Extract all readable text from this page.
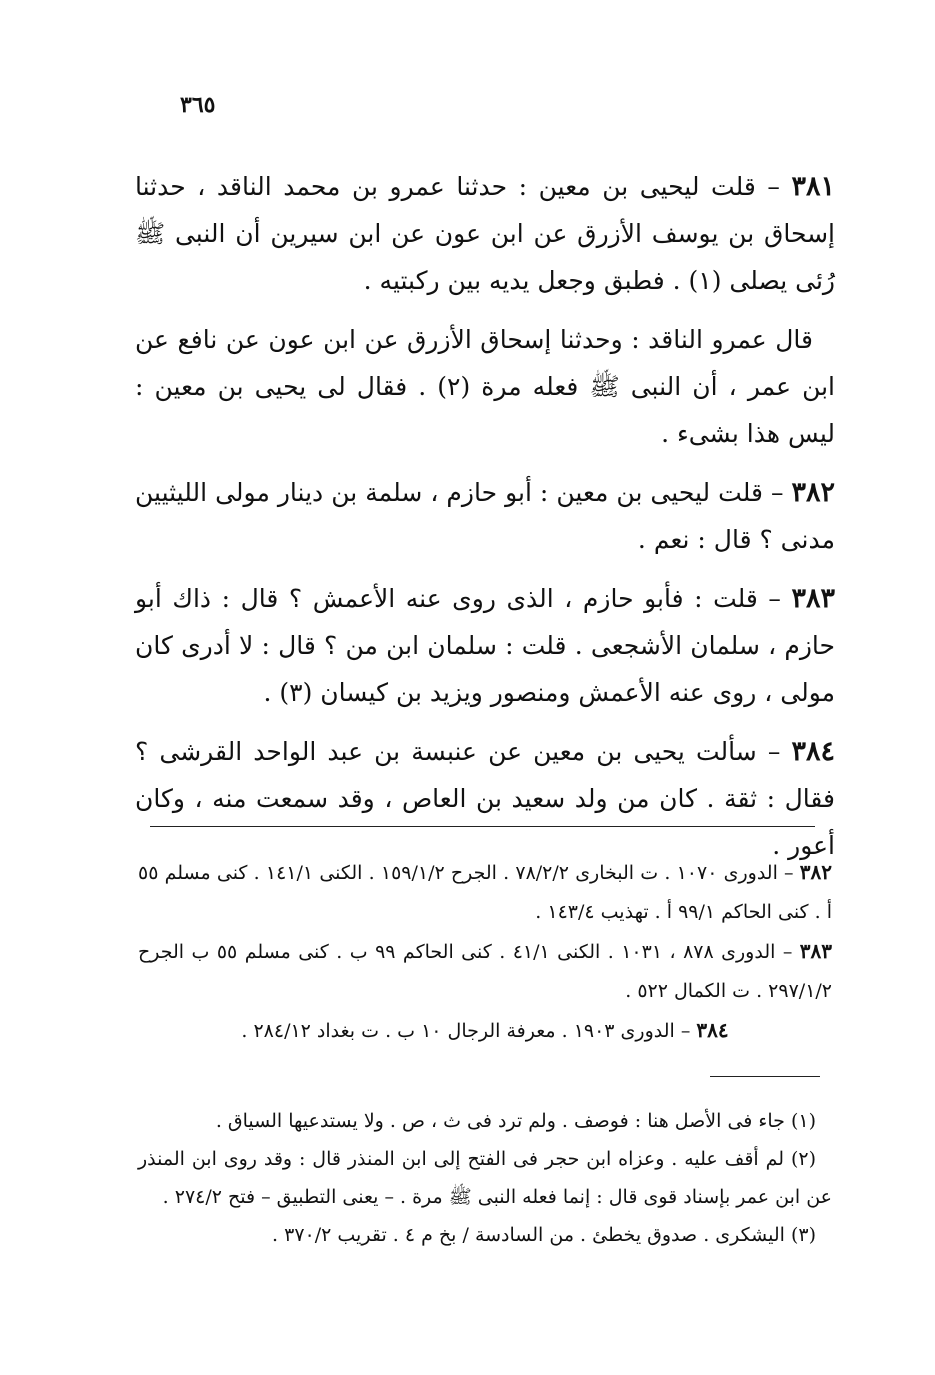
٣٦٥

٣٨١ – قلت ليحيى بن معين : حدثنا عمرو بن محمد الناقد ، حدثنا إسحاق بن يوسف الأزرق عن ابن عون عن ابن سيرين أن النبى ﷺ رُئى يصلى (١) . فطبق وجعل يديه بين ركبتيه .

قال عمرو الناقد : وحدثنا إسحاق الأزرق عن ابن عون عن نافع عن ابن عمر ، أن النبى ﷺ فعله مرة (٢) . فقال لى يحيى بن معين : ليس هذا بشىء .

٣٨٢ – قلت ليحيى بن معين : أبو حازم ، سلمة بن دينار مولى الليثيين مدنى ؟ قال : نعم .

٣٨٣ – قلت : فأبو حازم ، الذى روى عنه الأعمش ؟ قال : ذاك أبو حازم ، سلمان الأشجعى . قلت : سلمان ابن من ؟ قال : لا أدرى كان مولى ، روى عنه الأعمش ومنصور ويزيد بن كيسان (٣) .

٣٨٤ – سألت يحيى بن معين عن عنبسة بن عبد الواحد القرشى ؟ فقال : ثقة . كان من ولد سعيد بن العاص ، وقد سمعت منه ، وكان أعور .

٣٨٢ – الدورى ١٠٧٠ . ت البخارى ٧٨/٢/٢ . الجرح ١٥٩/١/٢ . الكنى ١٤١/١ . كنى مسلم ٥٥ أ . كنى الحاكم ٩٩/١ أ . تهذيب ١٤٣/٤ .

٣٨٣ – الدورى ٨٧٨ ، ١٠٣١ . الكنى ٤١/١ . كنى الحاكم ٩٩ ب . كنى مسلم ٥٥ ب الجرح ٢٩٧/١/٢ . ت الكمال ٥٢٢ .

٣٨٤ – الدورى ١٩٠٣ . معرفة الرجال ١٠ ب . ت بغداد ٢٨٤/١٢ .

(١) جاء فى الأصل هنا : فوصف . ولم ترد فى ث ، ص . ولا يستدعيها السياق .

(٢) لم أقف عليه . وعزاه ابن حجر فى الفتح إلى ابن المنذر قال : وقد روى ابن المنذر عن ابن عمر بإسناد قوى قال : إنما فعله النبى ﷺ مرة . – يعنى التطبيق – فتح ٢٧٤/٢ .

(٣) اليشكرى . صدوق يخطئ . من السادسة / بخ م ٤ . تقريب ٣٧٠/٢ .
